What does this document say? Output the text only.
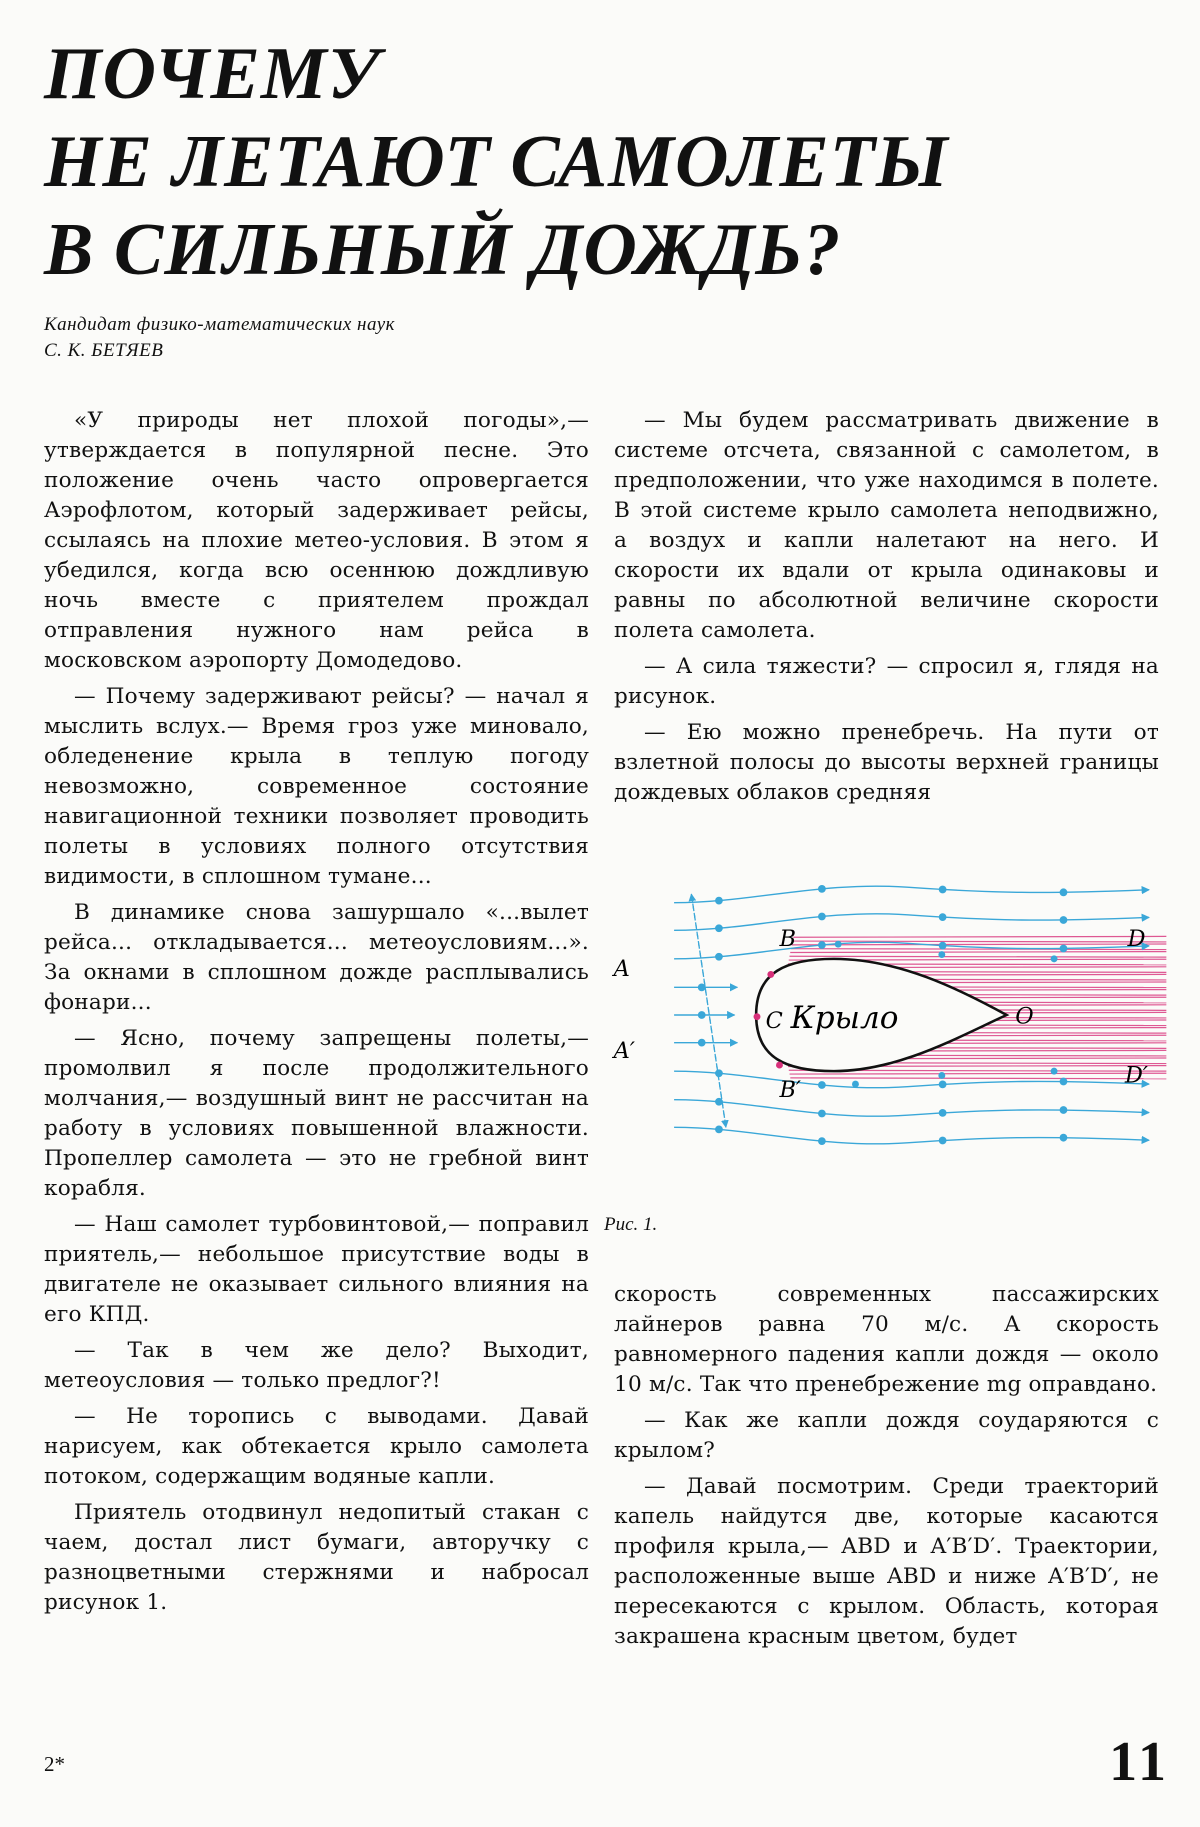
ПОЧЕМУ
НЕ ЛЕТАЮТ САМОЛЕТЫ
В СИЛЬНЫЙ ДОЖДЬ?
Кандидат физико-математических наук
С. К. БЕТЯЕВ

«У природы нет плохой погоды»,— утверждается в популярной песне. Это положение очень часто опровергается Аэрофлотом, который задерживает рейсы, ссылаясь на плохие метео-условия. В этом я убедился, когда всю осеннюю дождливую ночь вместе с приятелем прождал отправления нужного нам рейса в московском аэропорту Домодедово.

— Почему задерживают рейсы? — начал я мыслить вслух.— Время гроз уже миновало, обледенение крыла в теплую погоду невозможно, современное состояние навигационной техники позволяет проводить полеты в условиях полного отсутствия видимости, в сплошном тумане...

В динамике снова зашуршало «...вылет рейса... откладывается... метеоусловиям...». За окнами в сплошном дожде расплывались фонари...

— Ясно, почему запрещены полеты,— промолвил я после продолжительного молчания,— воздушный винт не рассчитан на работу в условиях повышенной влажности. Пропеллер самолета — это не гребной винт корабля.

— Наш самолет турбовинтовой,— поправил приятель,— небольшое присутствие воды в двигателе не оказывает сильного влияния на его КПД.

— Так в чем же дело? Выходит, метеоусловия — только предлог?!

— Не торопись с выводами. Давай нарисуем, как обтекается крыло самолета потоком, содержащим водяные капли.

Приятель отодвинул недопитый стакан с чаем, достал лист бумаги, авторучку с разноцветными стержнями и набросал рисунок 1.

— Мы будем рассматривать движение в системе отсчета, связанной с самолетом, в предположении, что уже находимся в полете. В этой системе крыло самолета неподвижно, а воздух и капли налетают на него. И скорости их вдали от крыла одинаковы и равны по абсолютной величине скорости полета самолета.

— А сила тяжести? — спросил я, глядя на рисунок.

— Ею можно пренебречь. На пути от взлетной полосы до высоты верхней границы дождевых облаков средняя

Крыло
C
B
B′
A
A′
D
D′
O
Рис. 1.

скорость современных пассажирских лайнеров равна 70 м/с. А скорость равномерного падения капли дождя — около 10 м/с. Так что пренебрежение mg оправдано.

— Как же капли дождя соударяются с крылом?

— Давай посмотрим. Среди траекторий капель найдутся две, которые касаются профиля крыла,— ABD и A′B′D′. Траектории, расположенные выше ABD и ниже A′B′D′, не пересекаются с крылом. Область, которая закрашена красным цветом, будет

2*	11
